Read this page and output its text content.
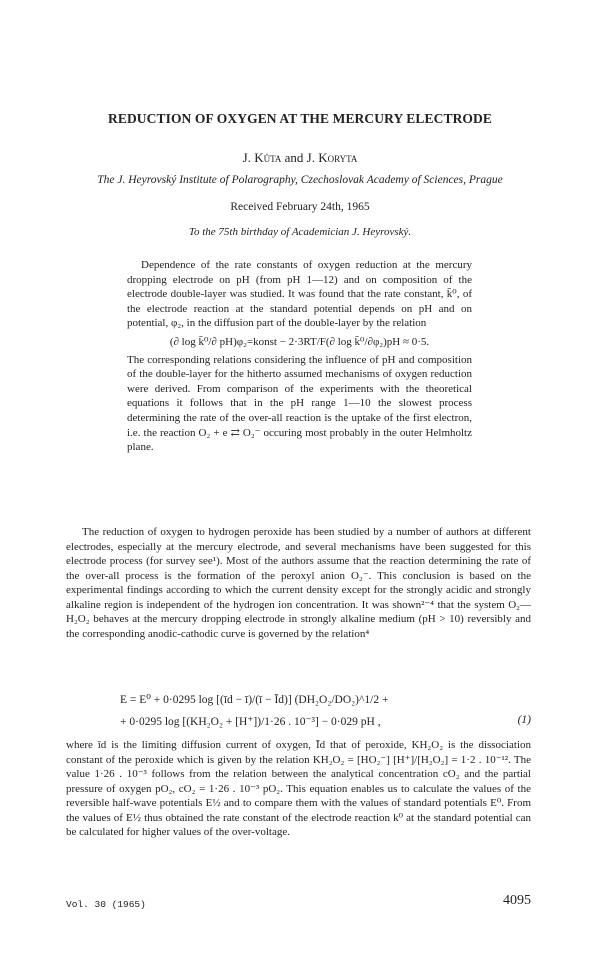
REDUCTION OF OXYGEN AT THE MERCURY ELECTRODE
J. Kůta and J. Koryta
The J. Heyrovský Institute of Polarography, Czechoslovak Academy of Sciences, Prague
Received February 24th, 1965
To the 75th birthday of Academician J. Heyrovský.

Dependence of the rate constants of oxygen reduction at the mercury dropping electrode on pH (from pH 1—12) and on composition of the electrode double-layer was studied. It was found that the rate constant, k̄⁰, of the electrode reaction at the standard potential depends on pH and on potential, φ₂, in the diffusion part of the double-layer by the relation

(∂ log k̄⁰/∂ pH)φ₂=konst − 2·3RT/F(∂ log k̄⁰/∂φ₂)pH ≈ 0·5.

The corresponding relations considering the influence of pH and composition of the double-layer for the hitherto assumed mechanisms of oxygen reduction were derived. From comparison of the experiments with the theoretical equations it follows that in the pH range 1—10 the slowest process determining the rate of the over-all reaction is the uptake of the first electron, i.e. the reaction O₂ + e ⇄ O₂⁻ occuring most probably in the outer Helmholtz plane.

The reduction of oxygen to hydrogen peroxide has been studied by a number of authors at different electrodes, especially at the mercury electrode, and several mechanisms have been suggested for this electrode process (for survey see¹). Most of the authors assume that the reaction determining the rate of the over-all process is the formation of the peroxyl anion O₂⁻. This conclusion is based on the experimental findings according to which the current density except for the strongly acidic and strongly alkaline region is independent of the hydrogen ion concentration. It was shown²⁻⁴ that the system O₂—H₂O₂ behaves at the mercury dropping electrode in strongly alkaline medium (pH > 10) reversibly and the corresponding anodic-cathodic curve is governed by the relation⁴

E = E⁰ + 0·0295 log [(īd − ī)/(ī − Īd)] (DH₂O₂/DO₂)^1/2 +
+ 0·0295 log [(KH₂O₂ + [H⁺])/1·26 . 10⁻³] − 0·029 pH ,	(1)

where īd is the limiting diffusion current of oxygen, Īd that of peroxide, KH₂O₂ is the dissociation constant of the peroxide which is given by the relation KH₂O₂ = [HO₂⁻] [H⁺]/[H₂O₂] = 1·2 . 10⁻¹². The value 1·26 . 10⁻³ follows from the relation between the analytical concentration cO₂ and the partial pressure of oxygen pO₂, cO₂ = 1·26 . 10⁻³ pO₂. This equation enables us to calculate the values of the reversible half-wave potentials E½ and to compare them with the values of standard potentials E⁰. From the values of E½ thus obtained the rate constant of the electrode reaction k⁰ at the standard potential can be calculated for higher values of the over-voltage.

Vol. 30 (1965)	4095
